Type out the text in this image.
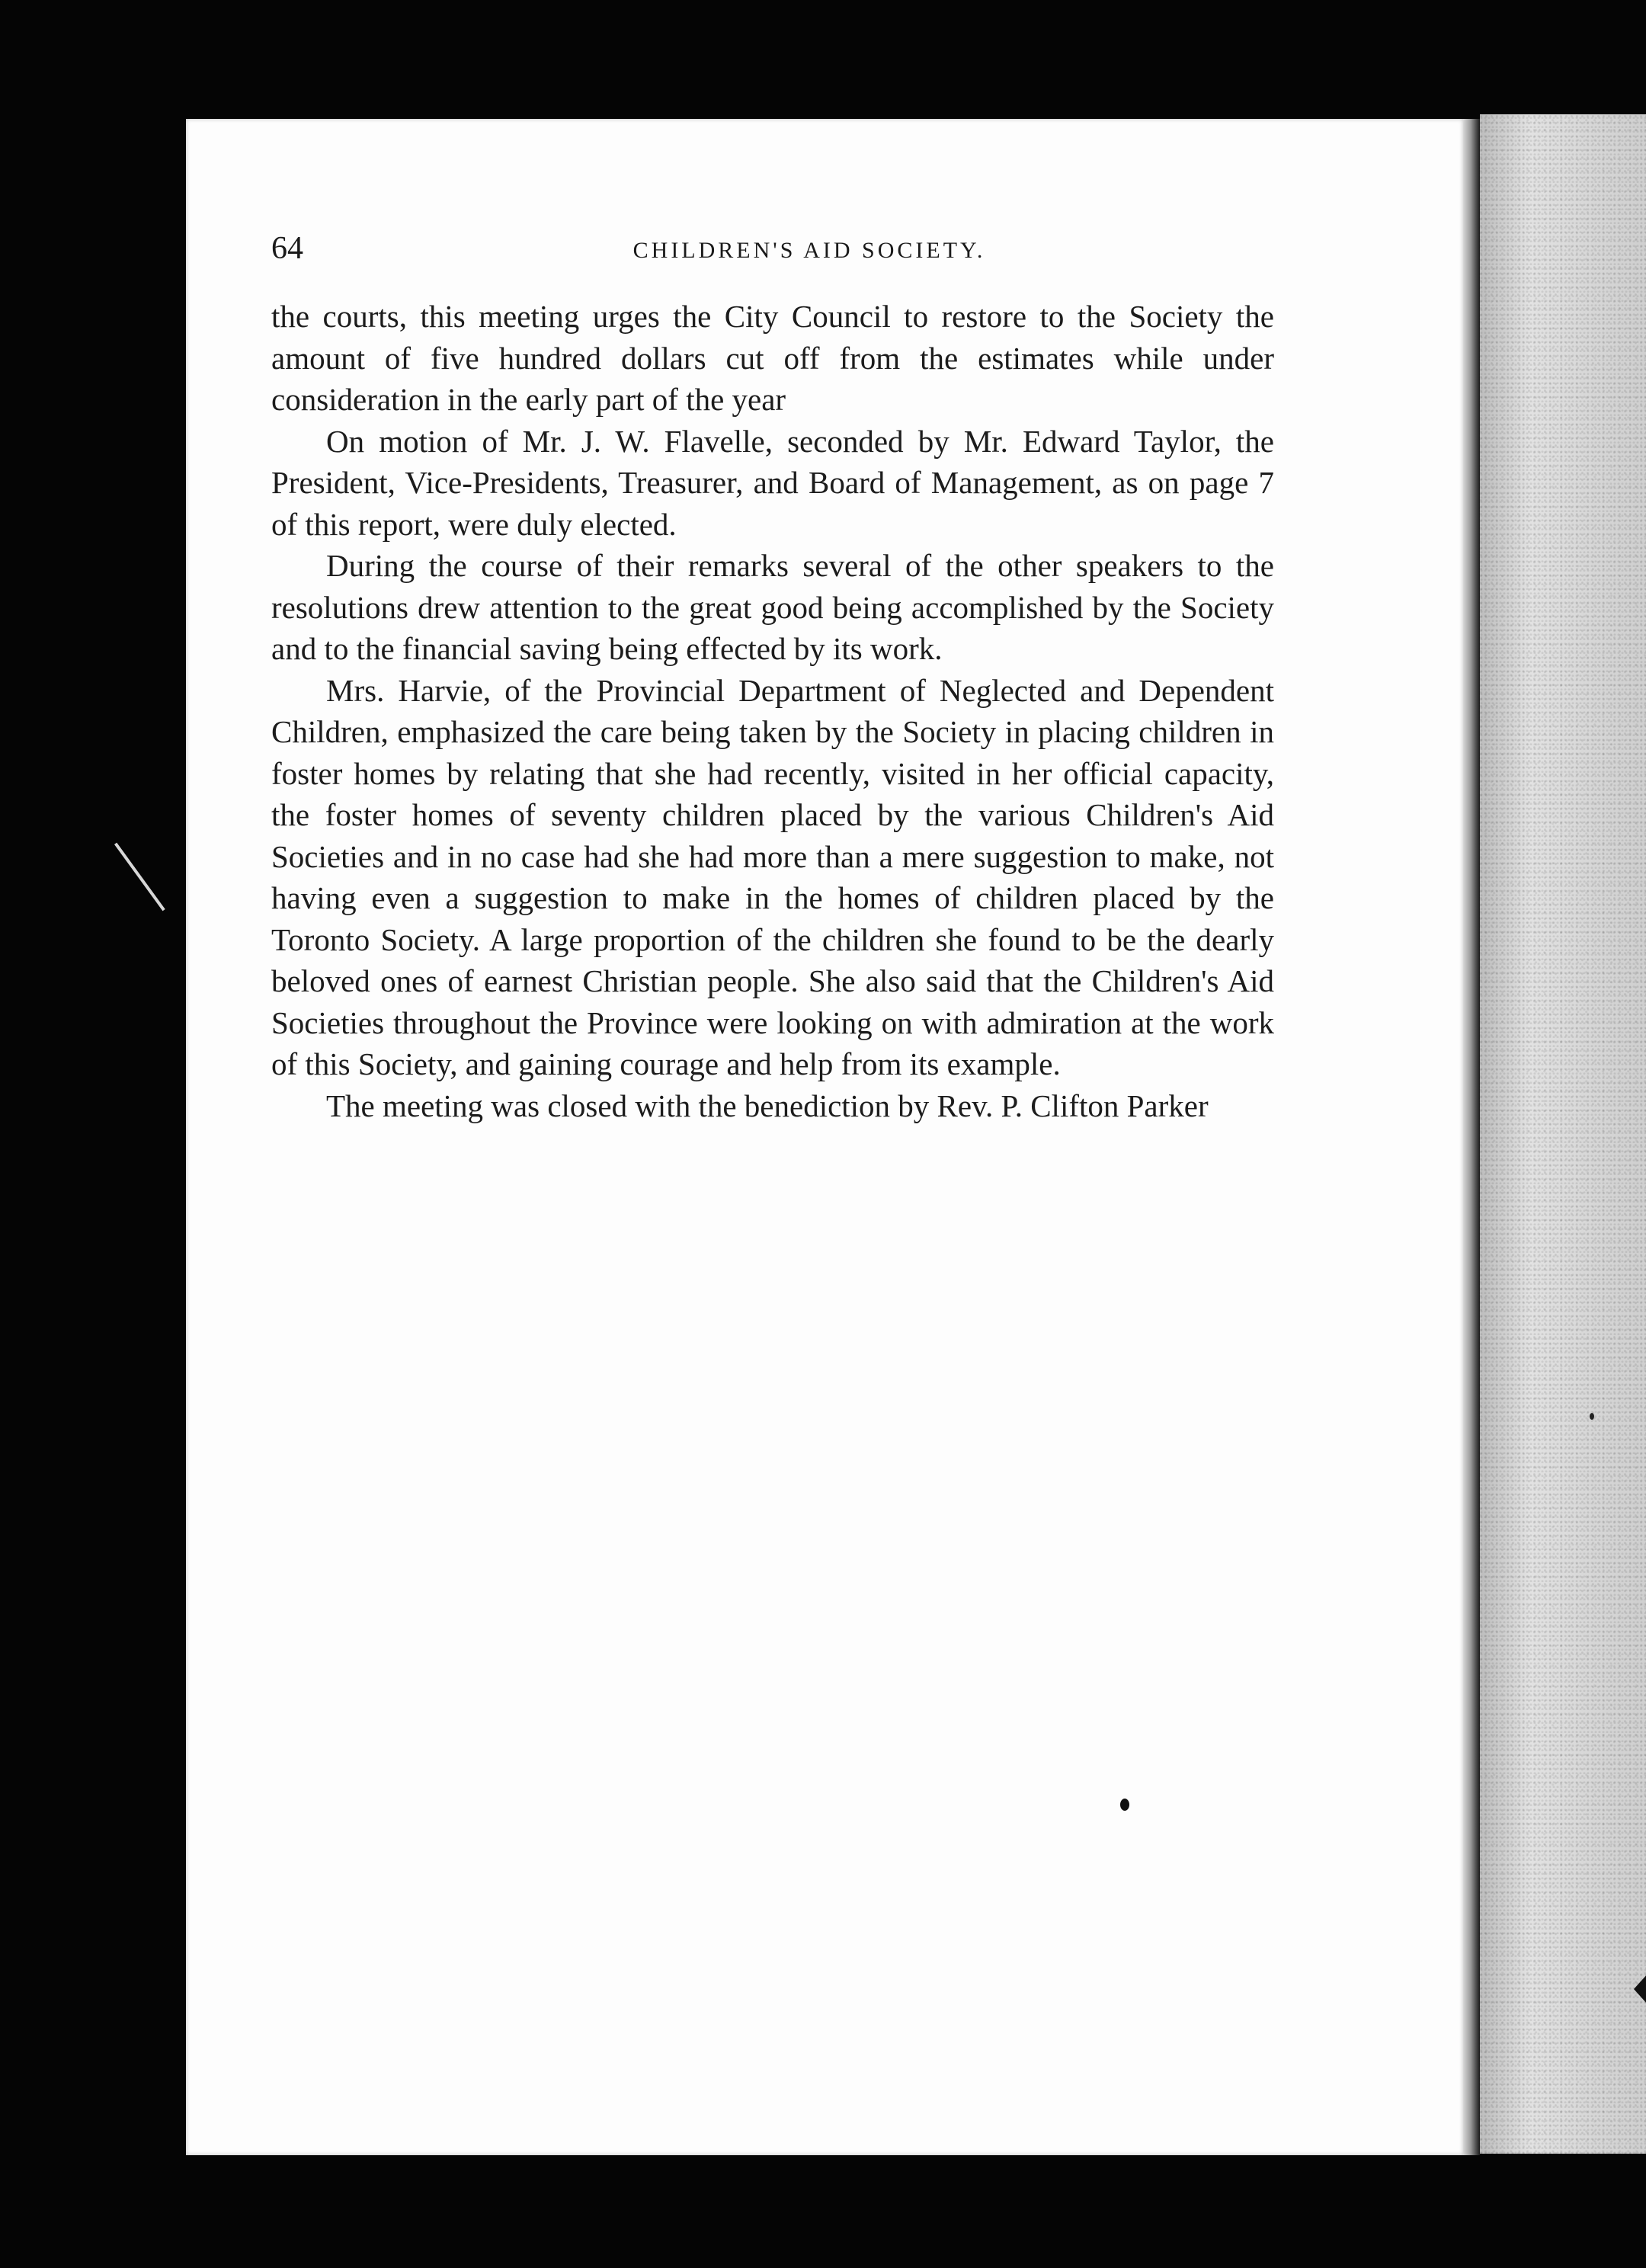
64	CHILDREN'S AID SOCIETY.

the courts, this meeting urges the City Council to restore to the Society the amount of five hundred dollars cut off from the estimates while under consideration in the early part of the year

On motion of Mr. J. W. Flavelle, seconded by Mr. Edward Taylor, the President, Vice-Presidents, Treasurer, and Board of Management, as on page 7 of this report, were duly elected.

During the course of their remarks several of the other speakers to the resolutions drew attention to the great good being accomplished by the Society and to the financial saving being effected by its work.

Mrs. Harvie, of the Provincial Department of Neglected and Dependent Children, emphasized the care being taken by the Society in placing children in foster homes by relating that she had recently, visited in her official capacity, the foster homes of seventy children placed by the various Children's Aid Societies and in no case had she had more than a mere suggestion to make, not having even a suggestion to make in the homes of children placed by the Toronto Society. A large proportion of the children she found to be the dearly beloved ones of earnest Christian people. She also said that the Children's Aid Societies throughout the Province were looking on with admiration at the work of this Society, and gaining courage and help from its example.

The meeting was closed with the benediction by Rev. P. Clifton Parker
